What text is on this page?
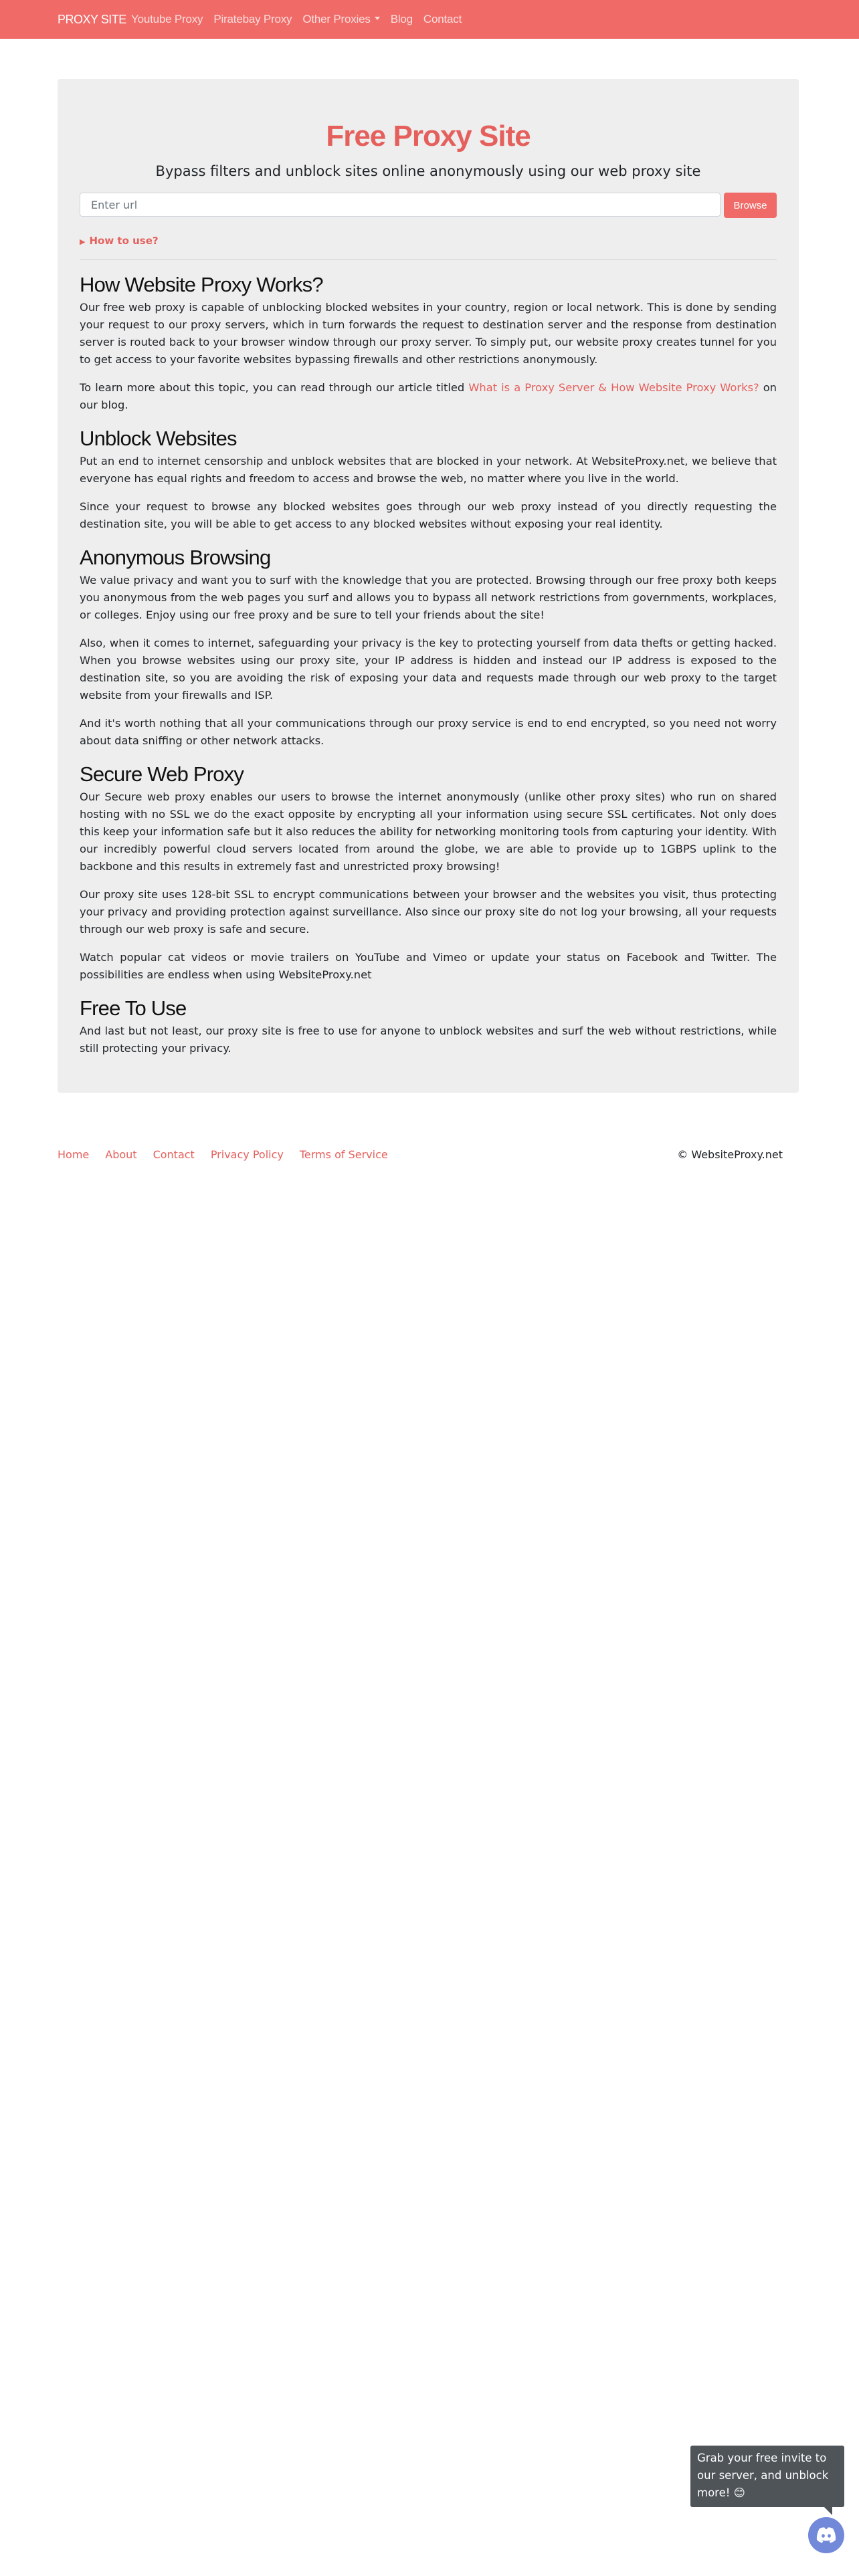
PROXY SITE Youtube Proxy Piratebay Proxy Other Proxies	Blog Contact
Free Proxy Site
Bypass filters and unblock sites online anonymously using our web proxy site
Enter url
Browse
▶ How to use?
How Website Proxy Works?

Our free web proxy is capable of unblocking blocked websites in your country, region or local network. This is done by sending your request to our proxy servers, which in turn forwards the request to destination server and the response from destination server is routed back to your browser window through our proxy server. To simply put, our website proxy creates tunnel for you to get access to your favorite websites bypassing firewalls and other restrictions anonymously.

To learn more about this topic, you can read through our article titled What is a Proxy Server & How Website Proxy Works? on our blog.

Unblock Websites

Put an end to internet censorship and unblock websites that are blocked in your network. At WebsiteProxy.net, we believe that everyone has equal rights and freedom to access and browse the web, no matter where you live in the world.

Since your request to browse any blocked websites goes through our web proxy instead of you directly requesting the destination site, you will be able to get access to any blocked websites without exposing your real identity.

Anonymous Browsing

We value privacy and want you to surf with the knowledge that you are protected. Browsing through our free proxy both keeps you anonymous from the web pages you surf and allows you to bypass all network restrictions from governments, workplaces, or colleges. Enjoy using our free proxy and be sure to tell your friends about the site!

Also, when it comes to internet, safeguarding your privacy is the key to protecting yourself from data thefts or getting hacked. When you browse websites using our proxy site, your IP address is hidden and instead our IP address is exposed to the destination site, so you are avoiding the risk of exposing your data and requests made through our web proxy to the target website from your firewalls and ISP.

And it's worth nothing that all your communications through our proxy service is end to end encrypted, so you need not worry about data sniffing or other network attacks.

Secure Web Proxy

Our Secure web proxy enables our users to browse the internet anonymously (unlike other proxy sites) who run on shared hosting with no SSL we do the exact opposite by encrypting all your information using secure SSL certificates. Not only does this keep your information safe but it also reduces the ability for networking monitoring tools from capturing your identity. With our incredibly powerful cloud servers located from around the globe, we are able to provide up to 1GBPS uplink to the backbone and this results in extremely fast and unrestricted proxy browsing!

Our proxy site uses 128-bit SSL to encrypt communications between your browser and the websites you visit, thus protecting your privacy and providing protection against surveillance. Also since our proxy site do not log your browsing, all your requests through our web proxy is safe and secure.

Watch popular cat videos or movie trailers on YouTube and Vimeo or update your status on Facebook and Twitter. The possibilities are endless when using WebsiteProxy.net

Free To Use

And last but not least, our proxy site is free to use for anyone to unblock websites and surf the web without restrictions, while still protecting your privacy.

Home About Contact Privacy Policy Terms of Service	© WebsiteProxy.net
Grab your free invite to our server, and unblock more! 😊
